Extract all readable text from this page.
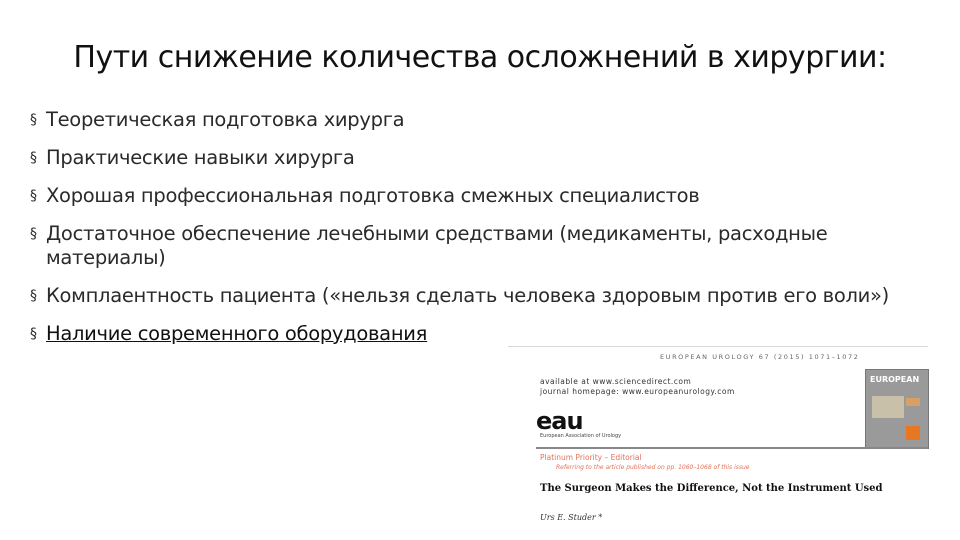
Пути снижение количества осложнений в хирургии:
§ Теоретическая подготовка хирурга
§ Практические навыки хирурга
§ Хорошая профессиональная подготовка смежных специалистов
§ Достаточное обеспечение лечебными средствами (медикаменты, расходные материалы)
§ Комплаентность пациента («нельзя сделать человека здоровым против его воли»)
§ Наличие современного оборудования
EUROPEAN UROLOGY 67 (2015) 1071–1072
available at www.sciencedirect.com
journal homepage: www.europeanurology.com
eau
European Association of Urology
EUROPEAN
Platinum Priority – Editorial
Referring to the article published on pp. 1060–1068 of this issue
The Surgeon Makes the Difference, Not the Instrument Used
Urs E. Studer *
